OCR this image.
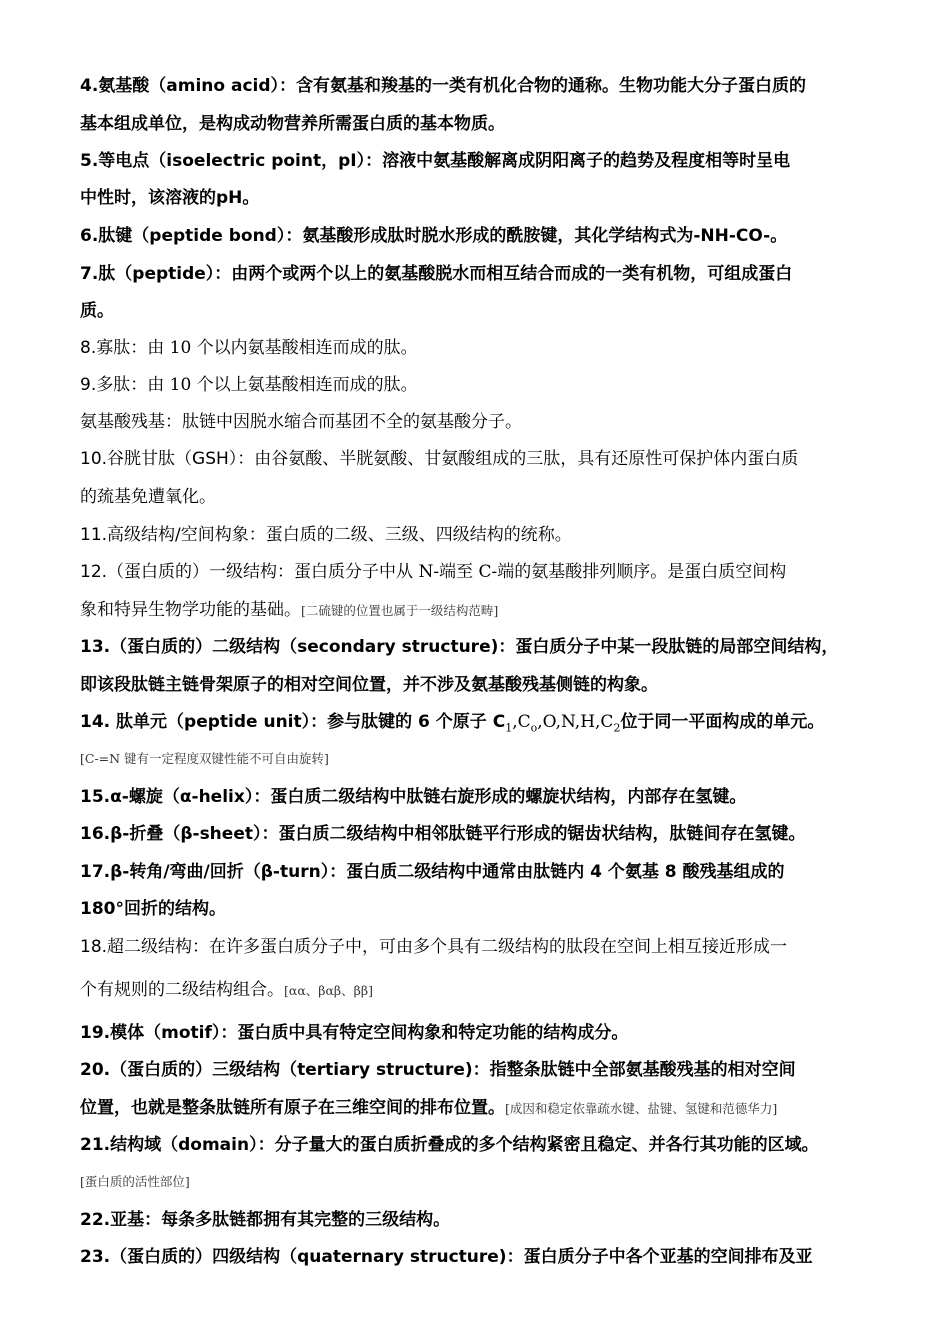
4.氨基酸（amino acid）：含有氨基和羧基的一类有机化合物的通称。生物功能大分子蛋白质的
基本组成单位，是构成动物营养所需蛋白质的基本物质。
5.等电点（isoelectric point，pI）：溶液中氨基酸解离成阴阳离子的趋势及程度相等时呈电
中性时，该溶液的pH。
6.肽键（peptide bond）：氨基酸形成肽时脱水形成的酰胺键，其化学结构式为-NH-CO-。
7.肽（peptide）：由两个或两个以上的氨基酸脱水而相互结合而成的一类有机物，可组成蛋白
质。
8.寡肽：由 10 个以内氨基酸相连而成的肽。
9.多肽：由 10 个以上氨基酸相连而成的肽。
氨基酸残基：肽链中因脱水缩合而基团不全的氨基酸分子。
10.谷胱甘肽（GSH）：由谷氨酸、半胱氨酸、甘氨酸组成的三肽，具有还原性可保护体内蛋白质
的巯基免遭氧化。
11.高级结构/空间构象：蛋白质的二级、三级、四级结构的统称。
12.（蛋白质的）一级结构：蛋白质分子中从 N-端至 C-端的氨基酸排列顺序。是蛋白质空间构
象和特异生物学功能的基础。[二硫键的位置也属于一级结构范畴]
13.（蛋白质的）二级结构（secondary structure)：蛋白质分子中某一段肽链的局部空间结构，
即该段肽链主链骨架原子的相对空间位置，并不涉及氨基酸残基侧链的构象。
14. 肽单元（peptide unit）：参与肽键的 6 个原子 $C_1,C_o,O,N,H,C_2$位于同一平面构成的单元。
[C-=N 键有一定程度双键性能不可自由旋转]
15.α-螺旋（α-helix）：蛋白质二级结构中肽链右旋形成的螺旋状结构，内部存在氢键。
16.β-折叠（β-sheet）：蛋白质二级结构中相邻肽链平行形成的锯齿状结构，肽链间存在氢键。
17.β-转角/弯曲/回折（β-turn）：蛋白质二级结构中通常由肽链内 4 个氨基 8 酸残基组成的
180°回折的结构。
18.超二级结构：在许多蛋白质分子中，可由多个具有二级结构的肽段在空间上相互接近形成一
个有规则的二级结构组合。[αα、βαβ、ββ]
19.模体（motif）：蛋白质中具有特定空间构象和特定功能的结构成分。
20.（蛋白质的）三级结构（tertiary structure)：指整条肽链中全部氨基酸残基的相对空间
位置，也就是整条肽链所有原子在三维空间的排布位置。[成因和稳定依靠疏水键、盐键、氢键和范德华力]
21.结构域（domain）：分子量大的蛋白质折叠成的多个结构紧密且稳定、并各行其功能的区域。
[蛋白质的活性部位]
22.亚基：每条多肽链都拥有其完整的三级结构。
23.（蛋白质的）四级结构（quaternary structure)：蛋白质分子中各个亚基的空间排布及亚
